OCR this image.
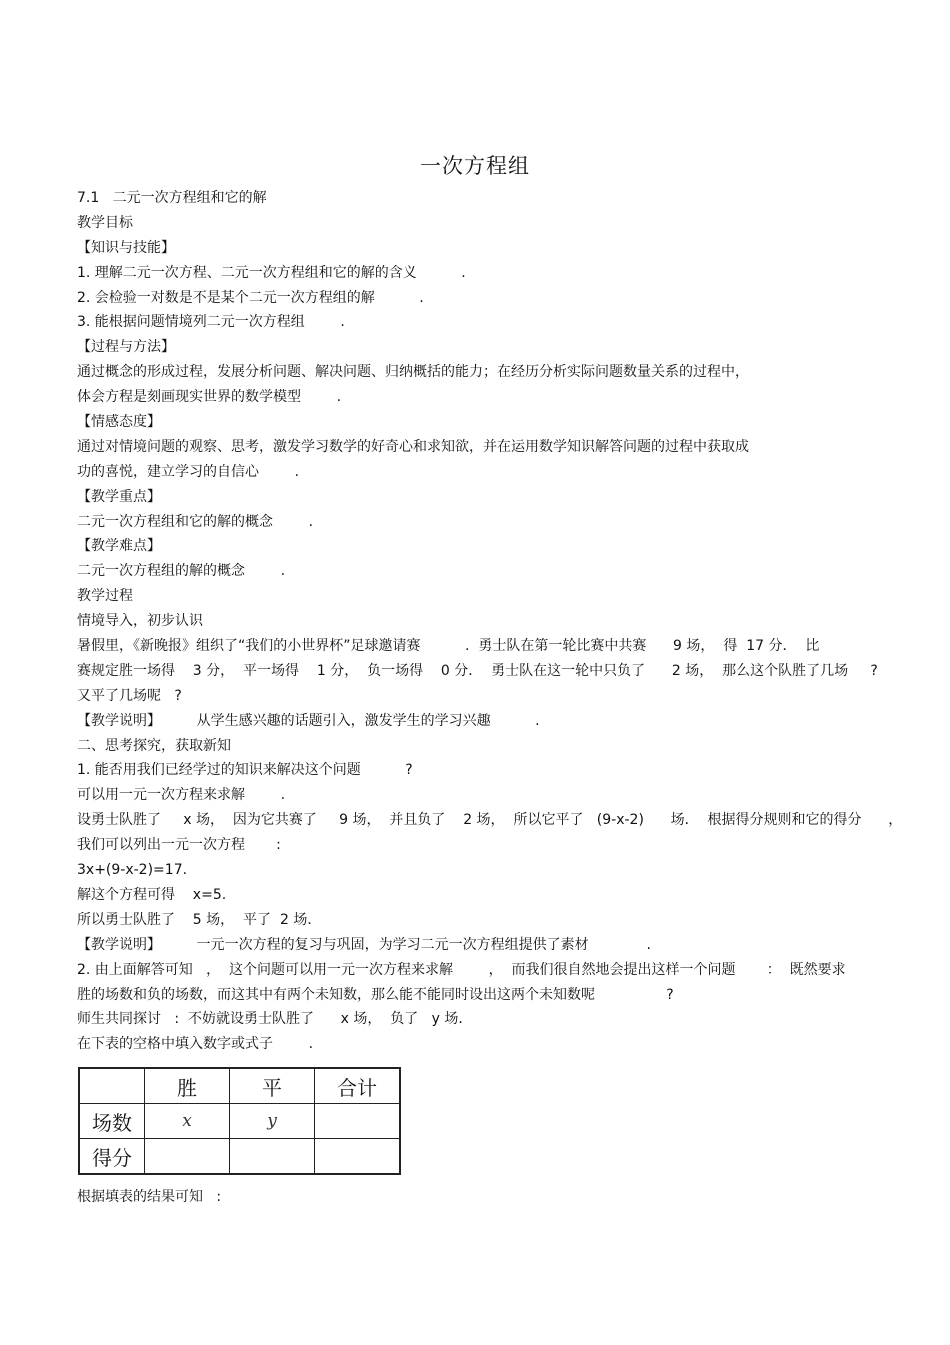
一次方程组
7.1   二元一次方程组和它的解
教学目标
【知识与技能】
1. 理解二元一次方程、二元一次方程组和它的解的含义          .
2. 会检验一对数是不是某个二元一次方程组的解          .
3. 能根据问题情境列二元一次方程组        .
【过程与方法】
通过概念的形成过程，发展分析问题、解决问题、归纳概括的能力；在经历分析实际问题数量关系的过程中，
体会方程是刻画现实世界的数学模型        .
【情感态度】
通过对情境问题的观察、思考，激发学习数学的好奇心和求知欲，并在运用数学知识解答问题的过程中获取成
功的喜悦，建立学习的自信心        .
【教学重点】
二元一次方程组和它的解的概念        .
【教学难点】
二元一次方程组的解的概念        .
教学过程
情境导入，初步认识
暑假里，《新晚报》组织了“我们的小世界杯”足球邀请赛          .  勇士队在第一轮比赛中共赛      9 场，  得  17 分．  比
赛规定胜一场得    3 分，  平一场得    1 分，  负一场得    0 分．  勇士队在这一轮中只负了      2 场，  那么这个队胜了几场     ?
又平了几场呢   ?
【教学说明】        从学生感兴趣的话题引入，激发学生的学习兴趣          .
二、思考探究，获取新知
1. 能否用我们已经学过的知识来解决这个问题          ?
可以用一元一次方程来求解        .
设勇士队胜了     x 场，  因为它共赛了     9 场，  并且负了    2 场，  所以它平了   (9-x-2)      场．  根据得分规则和它的得分      ，
我们可以列出一元一次方程       :
3x+(9-x-2)=17.
解这个方程可得    x=5.
所以勇士队胜了    5 场，  平了  2 场．
【教学说明】        一元一次方程的复习与巩固，为学习二元一次方程组提供了素材             .
2. 由上面解答可知   ，  这个问题可以用一元一次方程来求解        ，  而我们很自然地会提出这样一个问题       ：  既然要求
胜的场数和负的场数，而这其中有两个未知数，那么能不能同时设出这两个未知数呢                ?
师生共同探讨   :  不妨就设勇士队胜了      x 场，  负了   y 场．
在下表的空格中填入数字或式子        .
	胜	平	合计
场数	x	y	
得分			
根据填表的结果可知   :
